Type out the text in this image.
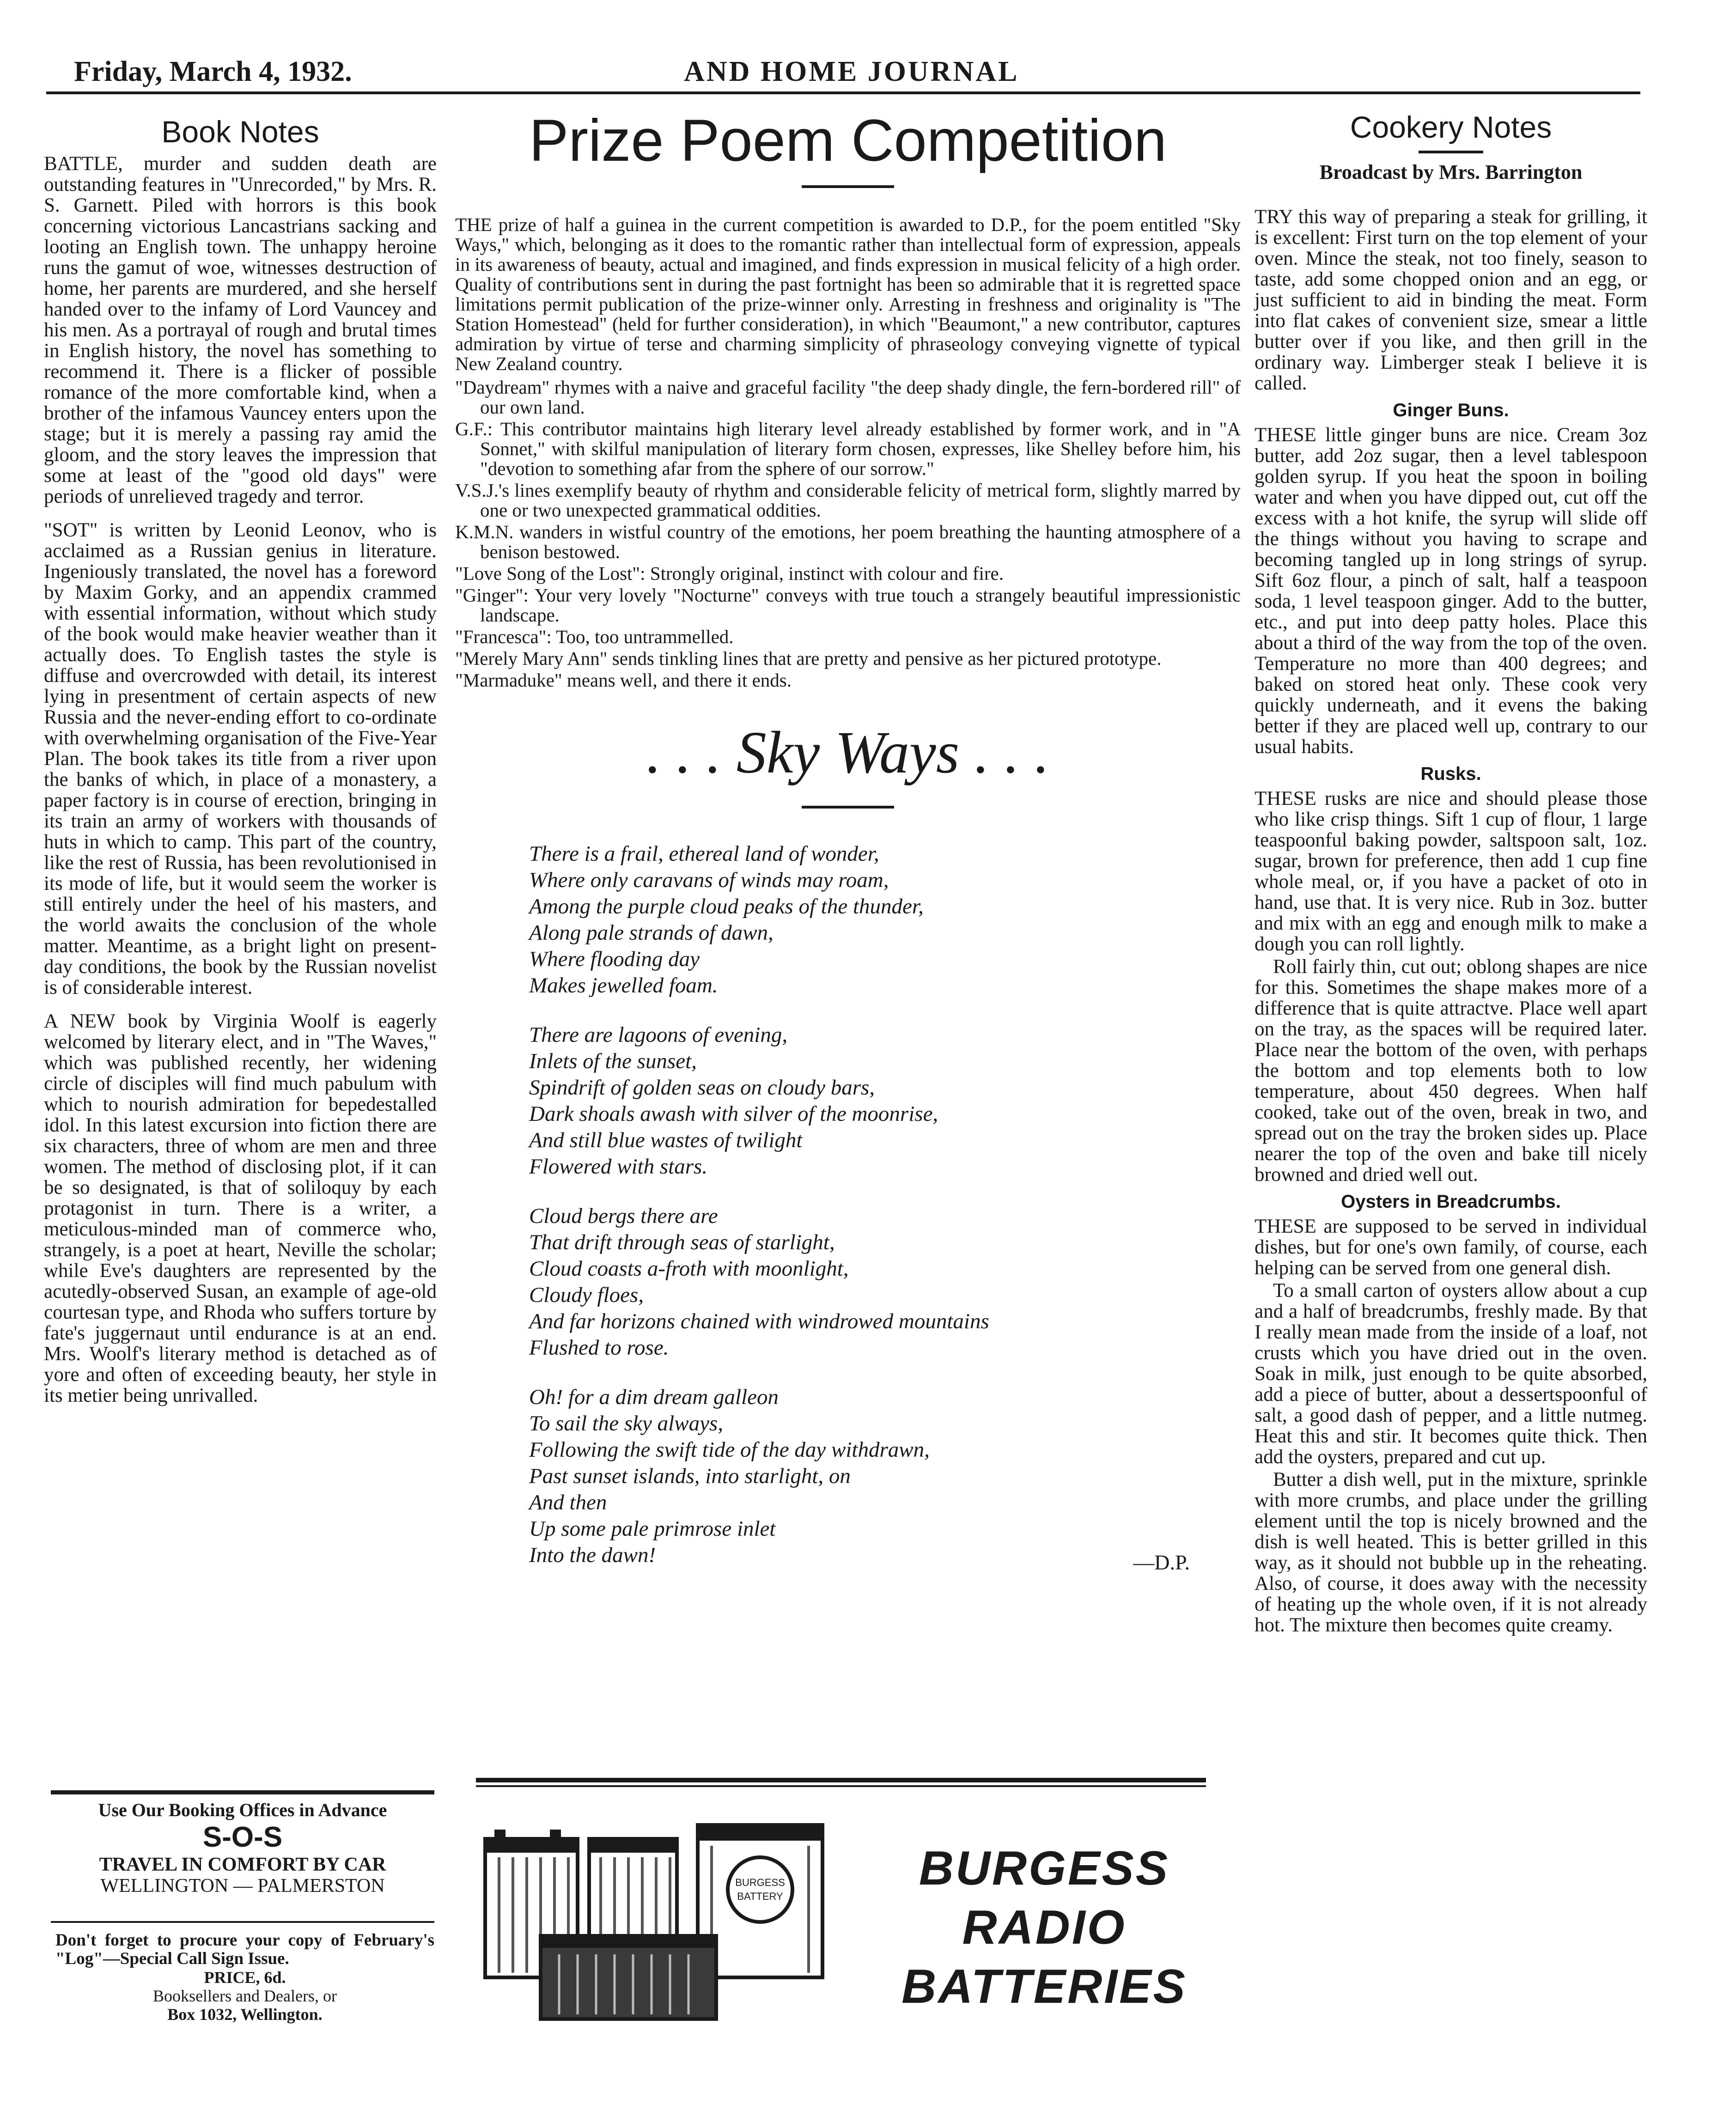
Friday, March 4, 1932.	AND HOME JOURNAL
Book Notes

BATTLE, murder and sudden death are outstanding features in "Unrecorded," by Mrs. R. S. Garnett. Piled with horrors is this book concerning victorious Lancastrians sacking and looting an English town. The unhappy heroine runs the gamut of woe, witnesses destruction of home, her parents are murdered, and she herself handed over to the infamy of Lord Vauncey and his men. As a portrayal of rough and brutal times in English history, the novel has something to recommend it. There is a flicker of possible romance of the more comfortable kind, when a brother of the infamous Vauncey enters upon the stage; but it is merely a passing ray amid the gloom, and the story leaves the impression that some at least of the "good old days" were periods of unrelieved tragedy and terror.

"SOT" is written by Leonid Leonov, who is acclaimed as a Russian genius in literature. Ingeniously translated, the novel has a foreword by Maxim Gorky, and an appendix crammed with essential information, without which study of the book would make heavier weather than it actually does. To English tastes the style is diffuse and overcrowded with detail, its interest lying in presentment of certain aspects of new Russia and the never-ending effort to co-ordinate with overwhelming organisation of the Five-Year Plan. The book takes its title from a river upon the banks of which, in place of a monastery, a paper factory is in course of erection, bringing in its train an army of workers with thousands of huts in which to camp. This part of the country, like the rest of Russia, has been revolutionised in its mode of life, but it would seem the worker is still entirely under the heel of his masters, and the world awaits the conclusion of the whole matter. Meantime, as a bright light on present-day conditions, the book by the Russian novelist is of considerable interest.

A NEW book by Virginia Woolf is eagerly welcomed by literary elect, and in "The Waves," which was published recently, her widening circle of disciples will find much pabulum with which to nourish admiration for bepedestalled idol. In this latest excursion into fiction there are six characters, three of whom are men and three women. The method of disclosing plot, if it can be so designated, is that of soliloquy by each protagonist in turn. There is a writer, a meticulous-minded man of commerce who, strangely, is a poet at heart, Neville the scholar; while Eve's daughters are represented by the acutedly-observed Susan, an example of age-old courtesan type, and Rhoda who suffers torture by fate's juggernaut until endurance is at an end. Mrs. Woolf's literary method is detached as of yore and often of exceeding beauty, her style in its metier being unrivalled.

Use Our Booking Offices in Advance
S-O-S
TRAVEL IN COMFORT BY CAR
WELLINGTON — PALMERSTON
Don't forget to procure your copy of February's "Log"—Special Call Sign Issue.
PRICE, 6d.
Booksellers and Dealers, or
Box 1032, Wellington.
Prize Poem Competition

THE prize of half a guinea in the current competition is awarded to D.P., for the poem entitled "Sky Ways," which, belonging as it does to the romantic rather than intellectual form of expression, appeals in its awareness of beauty, actual and imagined, and finds expression in musical felicity of a high order. Quality of contributions sent in during the past fortnight has been so admirable that it is regretted space limitations permit publication of the prize-winner only. Arresting in freshness and originality is "The Station Homestead" (held for further consideration), in which "Beaumont," a new contributor, captures admiration by virtue of terse and charming simplicity of phraseology conveying vignette of typical New Zealand country.

"Daydream" rhymes with a naive and graceful facility "the deep shady dingle, the fern-bordered rill" of our own land.

G.F.: This contributor maintains high literary level already established by former work, and in "A Sonnet," with skilful manipulation of literary form chosen, expresses, like Shelley before him, his "devotion to something afar from the sphere of our sorrow."

V.S.J.'s lines exemplify beauty of rhythm and considerable felicity of metrical form, slightly marred by one or two unexpected grammatical oddities.

K.M.N. wanders in wistful country of the emotions, her poem breathing the haunting atmosphere of a benison bestowed.

"Love Song of the Lost": Strongly original, instinct with colour and fire.

"Ginger": Your very lovely "Nocturne" conveys with true touch a strangely beautiful impressionistic landscape.

"Francesca": Too, too untrammelled.

"Merely Mary Ann" sends tinkling lines that are pretty and pensive as her pictured prototype.

"Marmaduke" means well, and there it ends.

. . . Sky Ways . . .
There is a frail, ethereal land of wonder,
Where only caravans of winds may roam,
Among the purple cloud peaks of the thunder,
Along pale strands of dawn,
Where flooding day
Makes jewelled foam.
There are lagoons of evening,
Inlets of the sunset,
Spindrift of golden seas on cloudy bars,
Dark shoals awash with silver of the moonrise,
And still blue wastes of twilight
Flowered with stars.
Cloud bergs there are
That drift through seas of starlight,
Cloud coasts a-froth with moonlight,
Cloudy floes,
And far horizons chained with windrowed mountains
Flushed to rose.
Oh! for a dim dream galleon
To sail the sky always,
Following the swift tide of the day withdrawn,
Past sunset islands, into starlight, on
And then
Up some pale primrose inlet
Into the dawn!	—D.P.
BURGESS
BATTERY
BURGESS
RADIO
BATTERIES
Cookery Notes
Broadcast by Mrs. Barrington

TRY this way of preparing a steak for grilling, it is excellent: First turn on the top element of your oven. Mince the steak, not too finely, season to taste, add some chopped onion and an egg, or just sufficient to aid in binding the meat. Form into flat cakes of convenient size, smear a little butter over if you like, and then grill in the ordinary way. Limberger steak I believe it is called.

Ginger Buns.

THESE little ginger buns are nice. Cream 3oz butter, add 2oz sugar, then a level tablespoon golden syrup. If you heat the spoon in boiling water and when you have dipped out, cut off the excess with a hot knife, the syrup will slide off the things without you having to scrape and becoming tangled up in long strings of syrup. Sift 6oz flour, a pinch of salt, half a teaspoon soda, 1 level teaspoon ginger. Add to the butter, etc., and put into deep patty holes. Place this about a third of the way from the top of the oven. Temperature no more than 400 degrees; and baked on stored heat only. These cook very quickly underneath, and it evens the baking better if they are placed well up, contrary to our usual habits.

Rusks.

THESE rusks are nice and should please those who like crisp things. Sift 1 cup of flour, 1 large teaspoonful baking powder, saltspoon salt, 1oz. sugar, brown for preference, then add 1 cup fine whole meal, or, if you have a packet of oto in hand, use that. It is very nice. Rub in 3oz. butter and mix with an egg and enough milk to make a dough you can roll lightly.

Roll fairly thin, cut out; oblong shapes are nice for this. Sometimes the shape makes more of a difference that is quite attractve. Place well apart on the tray, as the spaces will be required later. Place near the bottom of the oven, with perhaps the bottom and top elements both to low temperature, about 450 degrees. When half cooked, take out of the oven, break in two, and spread out on the tray the broken sides up. Place nearer the top of the oven and bake till nicely browned and dried well out.

Oysters in Breadcrumbs.

THESE are supposed to be served in individual dishes, but for one's own family, of course, each helping can be served from one general dish.

To a small carton of oysters allow about a cup and a half of breadcrumbs, freshly made. By that I really mean made from the inside of a loaf, not crusts which you have dried out in the oven. Soak in milk, just enough to be quite absorbed, add a piece of butter, about a dessertspoonful of salt, a good dash of pepper, and a little nutmeg. Heat this and stir. It becomes quite thick. Then add the oysters, prepared and cut up.

Butter a dish well, put in the mixture, sprinkle with more crumbs, and place under the grilling element until the top is nicely browned and the dish is well heated. This is better grilled in this way, as it should not bubble up in the reheating. Also, of course, it does away with the necessity of heating up the whole oven, if it is not already hot. The mixture then becomes quite creamy.
